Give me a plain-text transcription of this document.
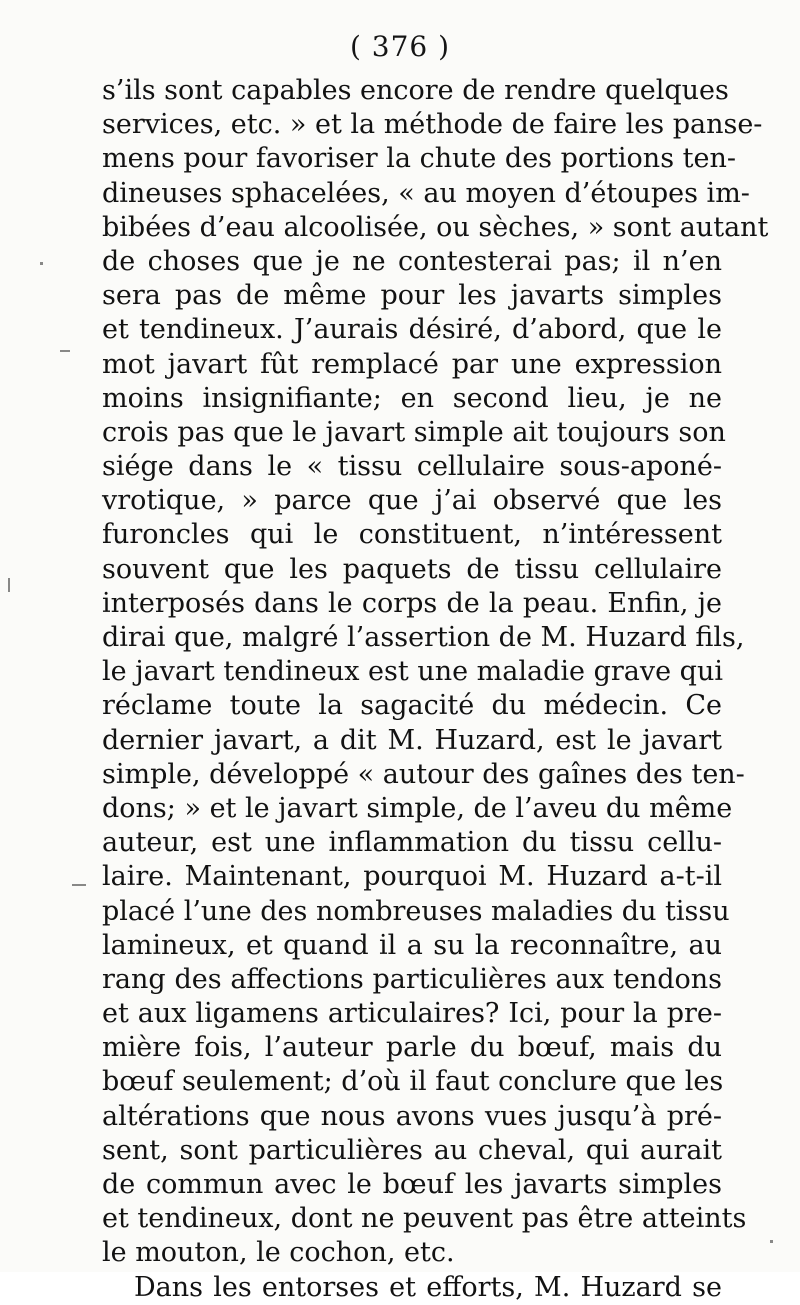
( 376 )
s’ils sont capables encore de rendre quelques
services, etc. » et la méthode de faire les panse-
mens pour favoriser la chute des portions ten-
dineuses sphacelées, « au moyen d’étoupes im-
bibées d’eau alcoolisée, ou sèches, » sont autant
de choses que je ne contesterai pas; il n’en
sera pas de même pour les javarts simples
et tendineux. J’aurais désiré, d’abord, que le
mot javart fût remplacé par une expression
moins insignifiante; en second lieu, je ne
crois pas que le javart simple ait toujours son
siége dans le « tissu cellulaire sous-aponé-
vrotique, » parce que j’ai observé que les
furoncles qui le constituent, n’intéressent
souvent que les paquets de tissu cellulaire
interposés dans le corps de la peau. Enfin, je
dirai que, malgré l’assertion de M. Huzard fils,
le javart tendineux est une maladie grave qui
réclame toute la sagacité du médecin. Ce
dernier javart, a dit M. Huzard, est le javart
simple, développé « autour des gaînes des ten-
dons; » et le javart simple, de l’aveu du même
auteur, est une inflammation du tissu cellu-
laire. Maintenant, pourquoi M. Huzard a-t-il
placé l’une des nombreuses maladies du tissu
lamineux, et quand il a su la reconnaître, au
rang des affections particulières aux tendons
et aux ligamens articulaires? Ici, pour la pre-
mière fois, l’auteur parle du bœuf, mais du
bœuf seulement; d’où il faut conclure que les
altérations que nous avons vues jusqu’à pré-
sent, sont particulières au cheval, qui aurait
de commun avec le bœuf les javarts simples
et tendineux, dont ne peuvent pas être atteints
le mouton, le cochon, etc.
Dans les entorses et efforts, M. Huzard se
